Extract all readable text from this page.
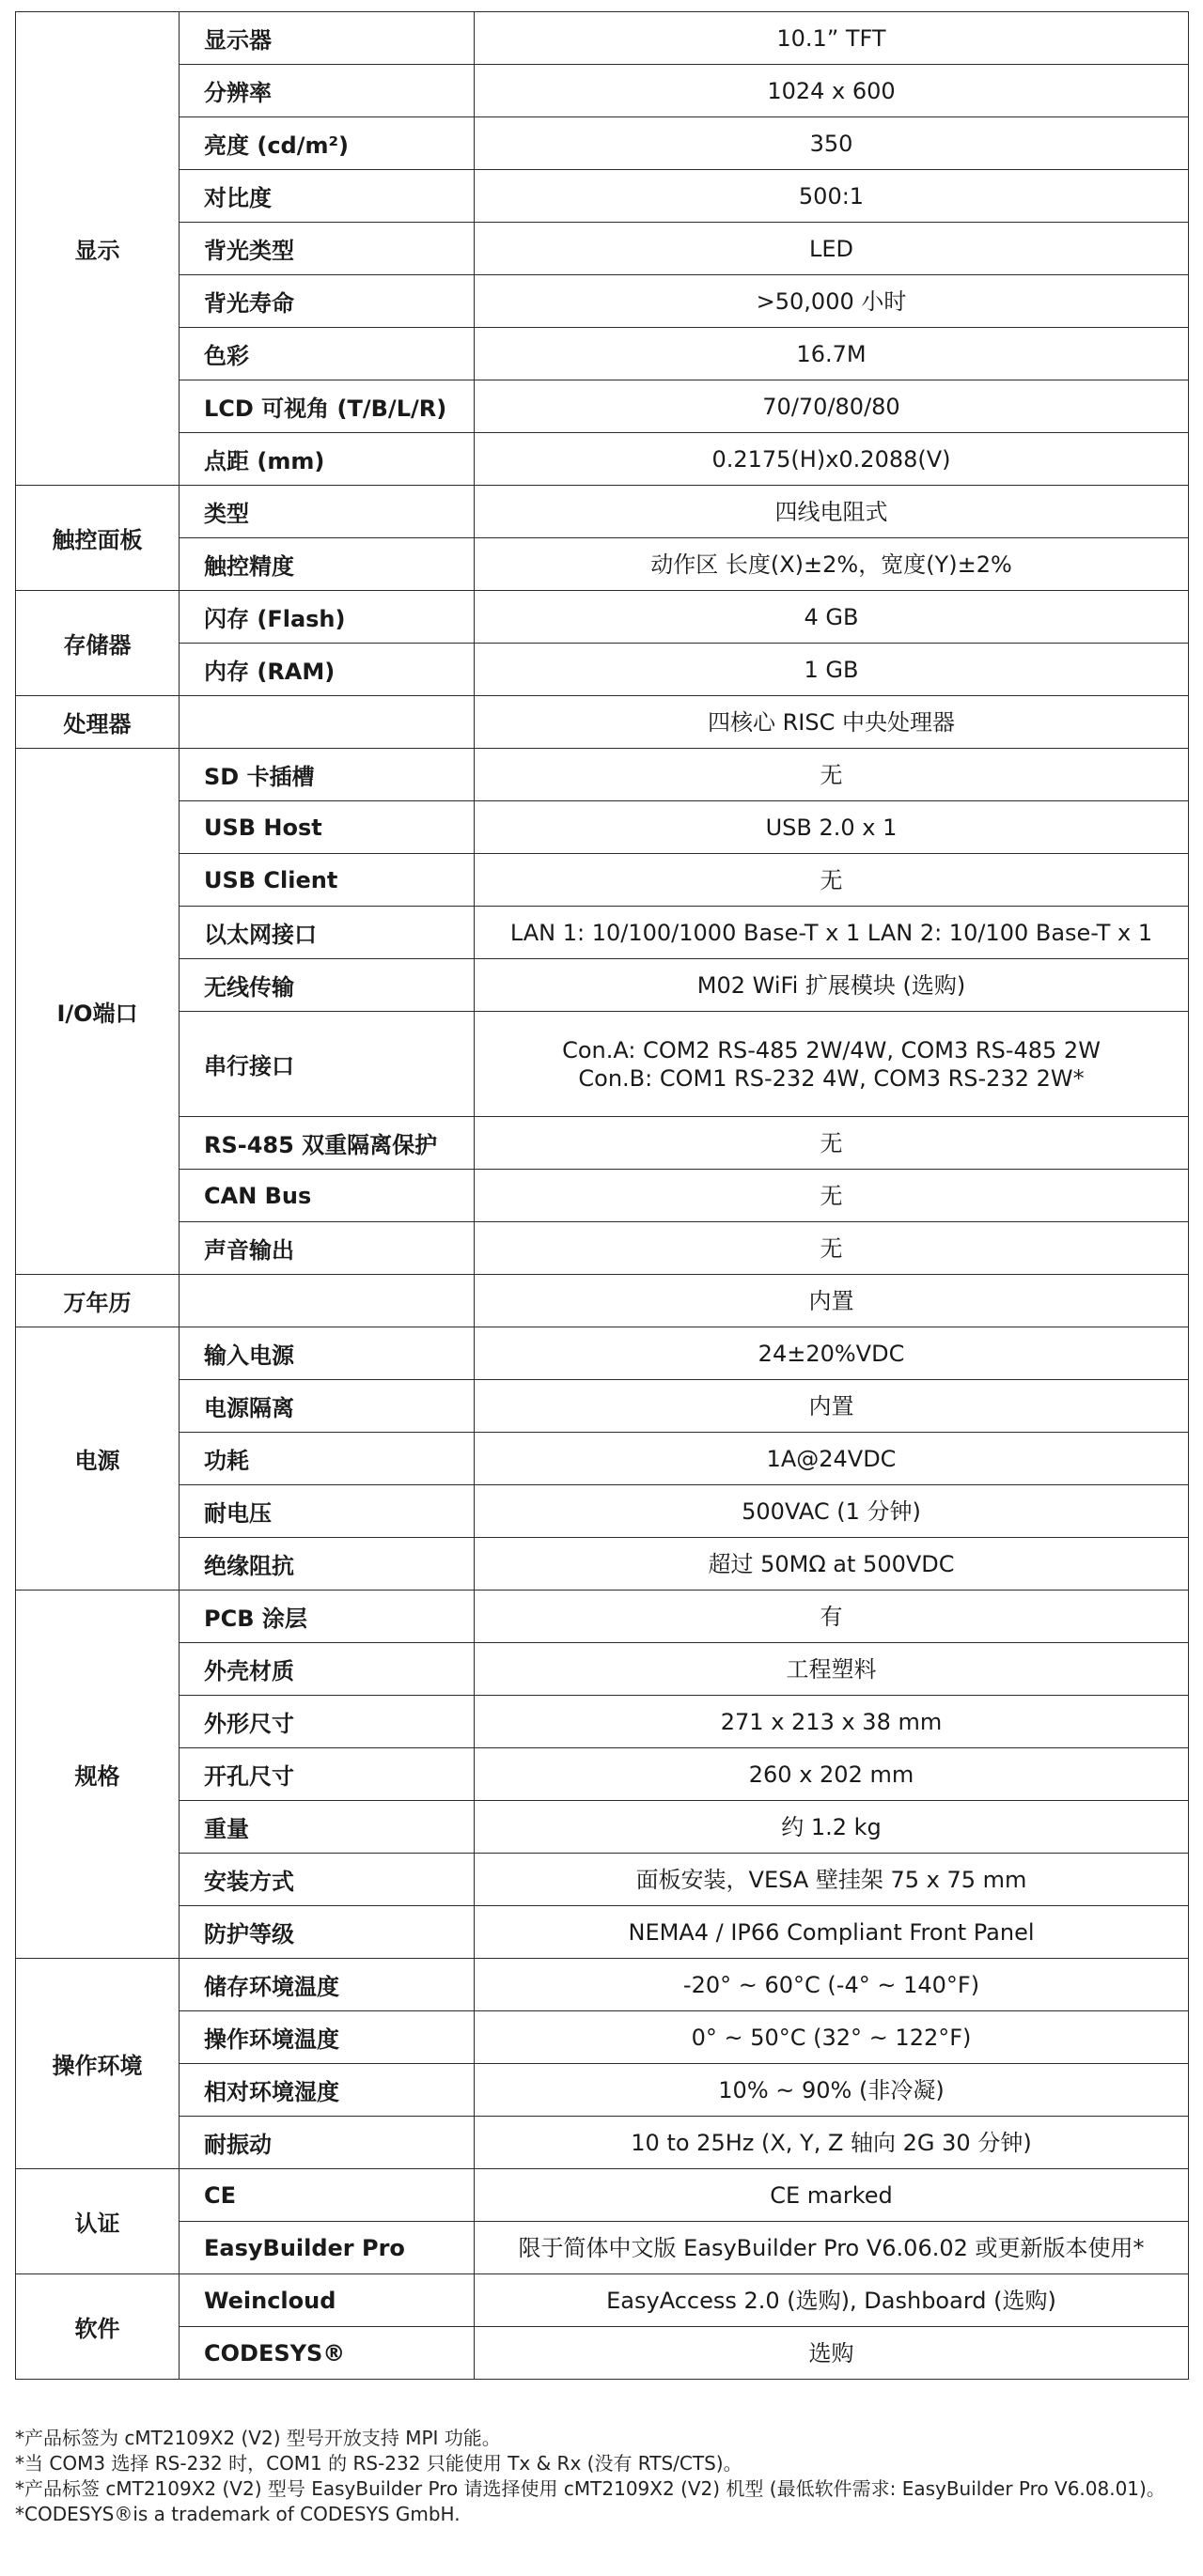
显示	显示器	10.1” TFT

	分辨率	1024 x 600

	亮度 (cd/m²)	350

	对比度	500:1

	背光类型	LED

	背光寿命	>50,000 小时

	色彩	16.7M

	LCD 可视角 (T/B/L/R)	70/70/80/80

	点距 (mm)	0.2175(H)x0.2088(V)

触控面板	类型	四线电阻式

	触控精度	动作区 长度(X)±2%，宽度(Y)±2%

存储器	闪存 (Flash)	4 GB

	内存 (RAM)	1 GB

处理器		四核心 RISC 中央处理器

I/O端口	SD 卡插槽	无

	USB Host	USB 2.0 x 1

	USB Client	无

	以太网接口	LAN 1: 10/100/1000 Base-T x 1 LAN 2: 10/100 Base-T x 1

	无线传输	M02 WiFi 扩展模块 (选购)

	串行接口	Con.A: COM2 RS-485 2W/4W, COM3 RS-485 2W
Con.B: COM1 RS-232 4W, COM3 RS-232 2W*

	RS-485 双重隔离保护	无

	CAN Bus	无

	声音输出	无

万年历		内置

电源	输入电源	24±20%VDC

	电源隔离	内置

	功耗	1A@24VDC

	耐电压	500VAC (1 分钟)

	绝缘阻抗	超过 50MΩ at 500VDC

规格	PCB 涂层	有

	外壳材质	工程塑料

	外形尺寸	271 x 213 x 38 mm

	开孔尺寸	260 x 202 mm

	重量	约 1.2 kg

	安装方式	面板安装，VESA 壁挂架 75 x 75 mm

	防护等级	NEMA4 / IP66 Compliant Front Panel

操作环境	储存环境温度	-20° ~ 60°C (-4° ~ 140°F)

	操作环境温度	0° ~ 50°C (32° ~ 122°F)

	相对环境湿度	10% ~ 90% (非冷凝)

	耐振动	10 to 25Hz (X, Y, Z 轴向 2G 30 分钟)

认证	CE	CE marked

	EasyBuilder Pro	限于简体中文版 EasyBuilder Pro V6.06.02 或更新版本使用*

软件	Weincloud	EasyAccess 2.0 (选购), Dashboard (选购)

	CODESYS®	选购
*产品标签为 cMT2109X2 (V2) 型号开放支持 MPI 功能。
*当 COM3 选择 RS-232 时，COM1 的 RS-232 只能使用 Tx & Rx (没有 RTS/CTS)。
*产品标签 cMT2109X2 (V2) 型号 EasyBuilder Pro 请选择使用 cMT2109X2 (V2) 机型 (最低软件需求: EasyBuilder Pro V6.08.01)。
*CODESYS®is a trademark of CODESYS GmbH.
